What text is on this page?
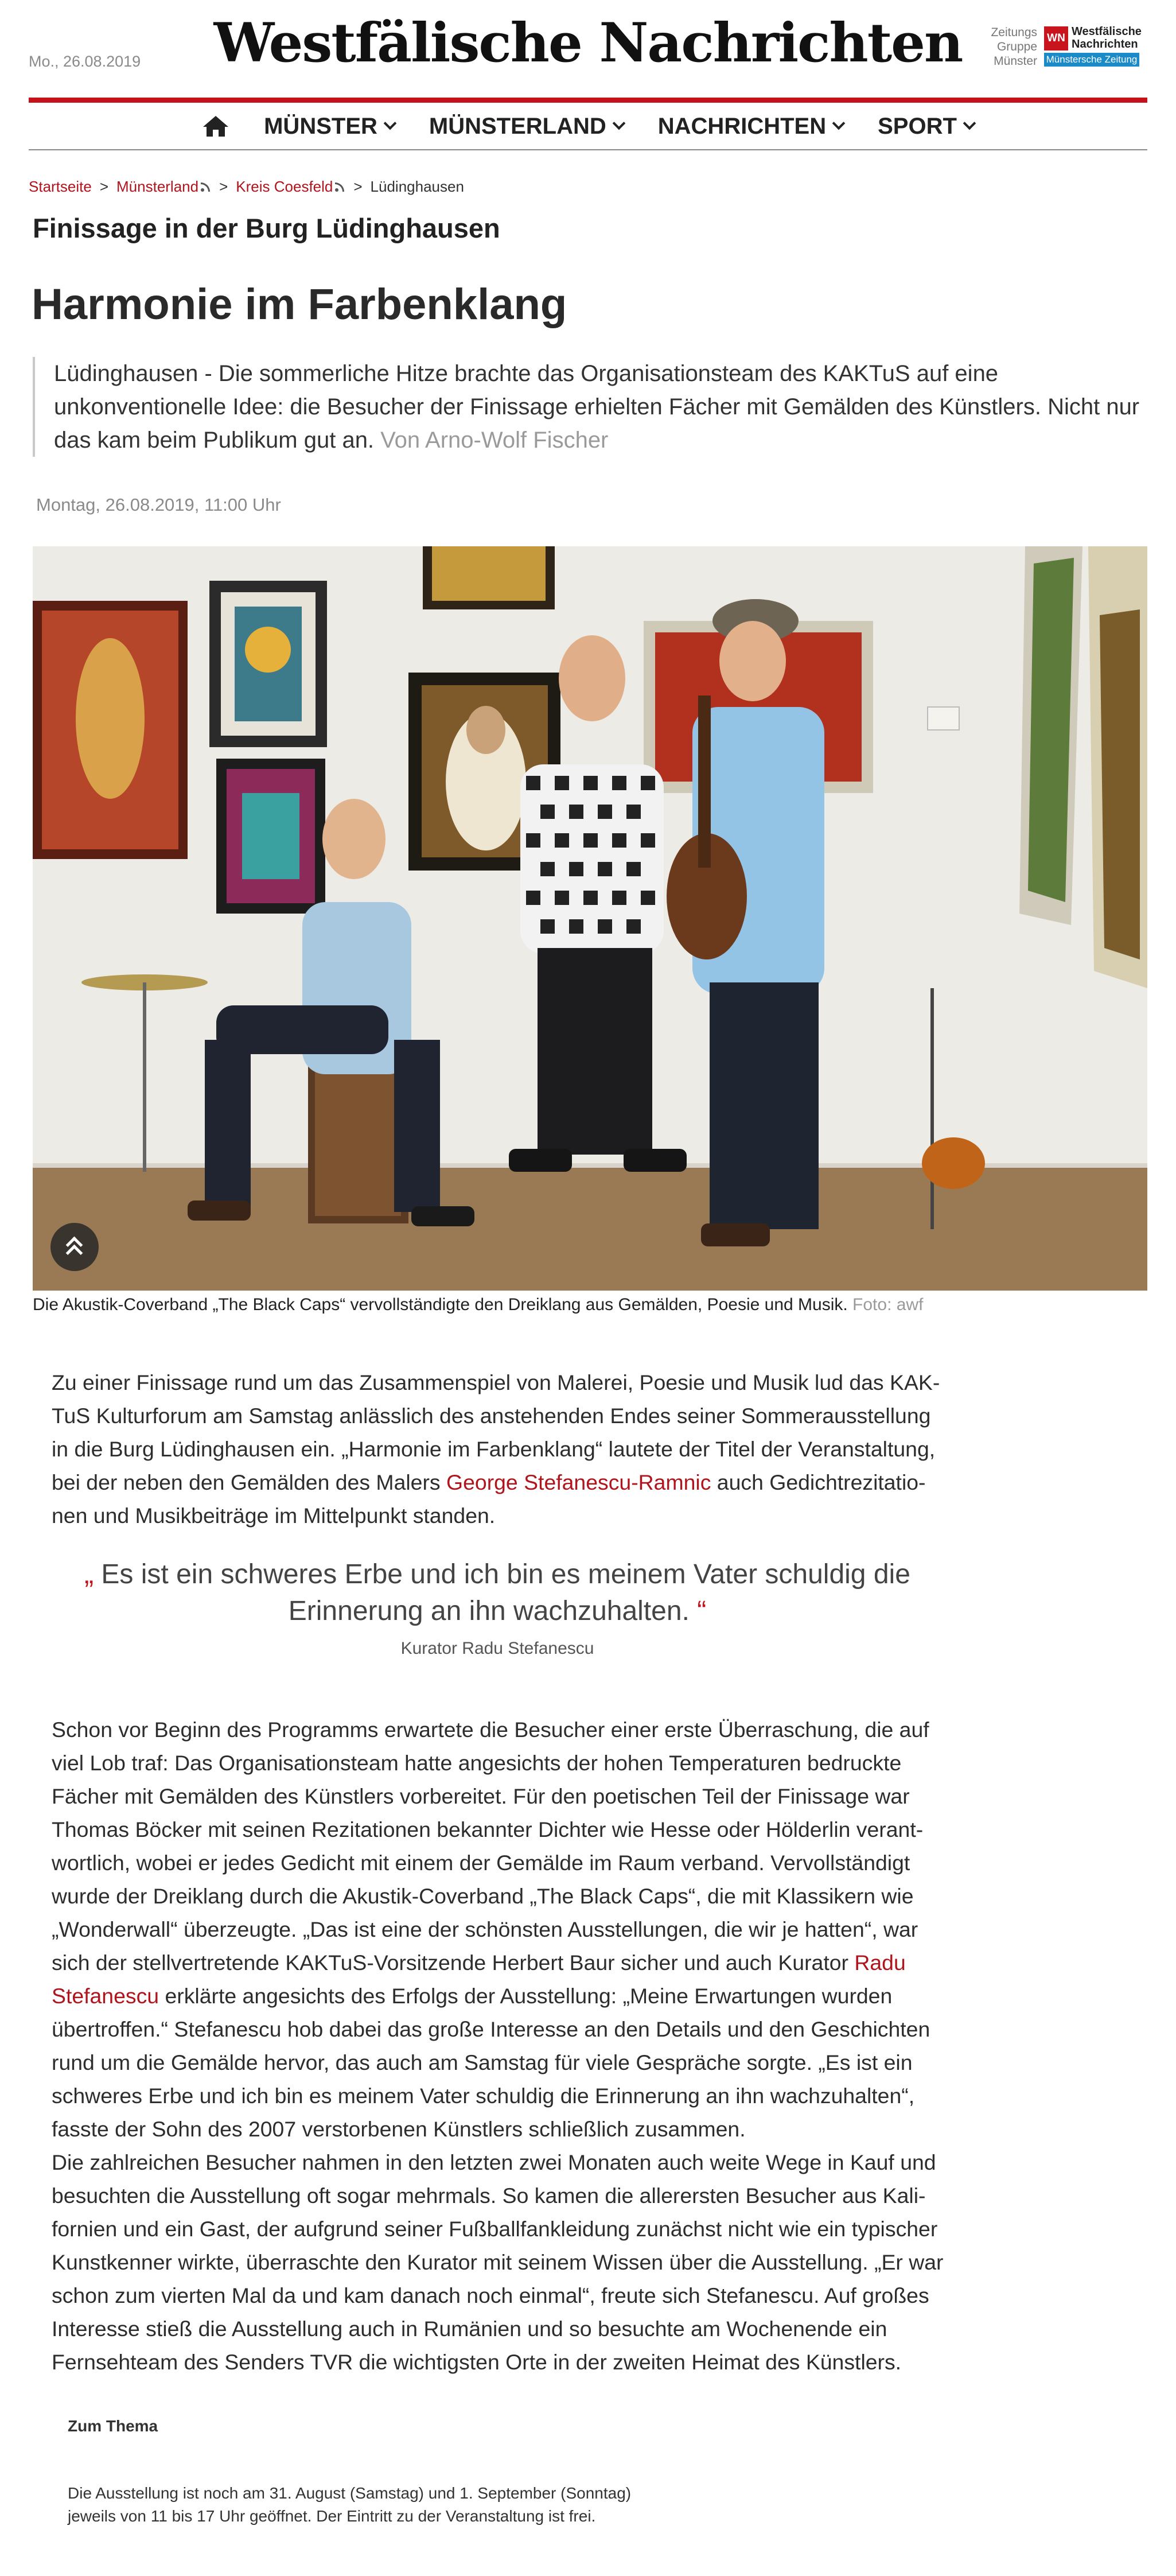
Mo., 26.08.2019	Westfälische Nachrichten	Zeitungs Gruppe Münster
WN
Westfälische Nachrichten
Münstersche Zeitung
MÜNSTER MÜNSTERLAND NACHRICHTEN SPORT
Startseite > Münsterland	> Kreis Coesfeld	> Lüdinghausen
Finissage in der Burg Lüdinghausen
Harmonie im Farbenklang
Lüdinghausen - Die sommerliche Hitze brachte das Organisationsteam des KAKTuS auf eine unkonventionelle Idee: die Besucher der Finissage erhielten Fächer mit Gemälden des Künstlers. Nicht nur das kam beim Publikum gut an. Von Arno-Wolf Fischer
Montag, 26.08.2019, 11:00 Uhr
Die Akustik-Coverband „The Black Caps“ vervollständigte den Dreiklang aus Gemälden, Poesie und Musik. Foto: awf
Zu einer Finissage rund um das Zusammenspiel von Malerei, Poesie und Musik lud das KAKTuS Kulturforum am Samstag anlässlich des anstehenden Endes seiner Sommerausstellung in die Burg Lüdinghausen ein. „Harmonie im Farbenklang“ lautete der Titel der Veranstaltung, bei der neben den Gemälden des Malers George Stefanescu-Ramnic auch Gedichtrezitationen und Musikbeiträge im Mittelpunkt standen.
„ Es ist ein schweres Erbe und ich bin es meinem Vater schuldig die Erinnerung an ihn wachzuhalten. “
Kurator Radu Stefanescu
Schon vor Beginn des Programms erwartete die Besucher einer erste Überraschung, die auf viel Lob traf: Das Organisationsteam hatte angesichts der hohen Temperaturen bedruckte Fächer mit Gemälden des Künstlers vorbereitet. Für den poetischen Teil der Finissage war Thomas Böcker mit seinen Rezitationen bekannter Dichter wie Hesse oder Hölderlin verantwortlich, wobei er jedes Gedicht mit einem der Gemälde im Raum verband. Vervollständigt wurde der Dreiklang durch die Akustik-Coverband „The Black Caps“, die mit Klassikern wie „Wonderwall“ überzeugte. „Das ist eine der schönsten Ausstellungen, die wir je hatten“, war sich der stellvertretende KAKTuS-Vorsitzende Herbert Baur sicher und auch Kurator Radu Stefanescu erklärte angesichts des Erfolgs der Ausstellung: „Meine Erwartungen wurden übertroffen.“ Stefanescu hob dabei das große Interesse an den Details und den Geschichten rund um die Gemälde hervor, das auch am Samstag für viele Gespräche sorgte. „Es ist ein schweres Erbe und ich bin es meinem Vater schuldig die Erinnerung an ihn wachzuhalten“, fasste der Sohn des 2007 verstorbenen Künstlers schließlich zusammen.
Die zahlreichen Besucher nahmen in den letzten zwei Monaten auch weite Wege in Kauf und besuchten die Ausstellung oft sogar mehrmals. So kamen die allerersten Besucher aus Kalifornien und ein Gast, der aufgrund seiner Fußballfankleidung zunächst nicht wie ein typischer Kunstkenner wirkte, überraschte den Kurator mit seinem Wissen über die Ausstellung. „Er war schon zum vierten Mal da und kam danach noch einmal“, freute sich Stefanescu. Auf großes Interesse stieß die Ausstellung auch in Rumänien und so besuchte am Wochenende ein Fernsehteam des Senders TVR die wichtigsten Orte in der zweiten Heimat des Künstlers.
Zum Thema
Die Ausstellung ist noch am 31. August (Samstag) und 1. September (Sonntag) jeweils von 11 bis 17 Uhr geöffnet. Der Eintritt zu der Veranstaltung ist frei.
